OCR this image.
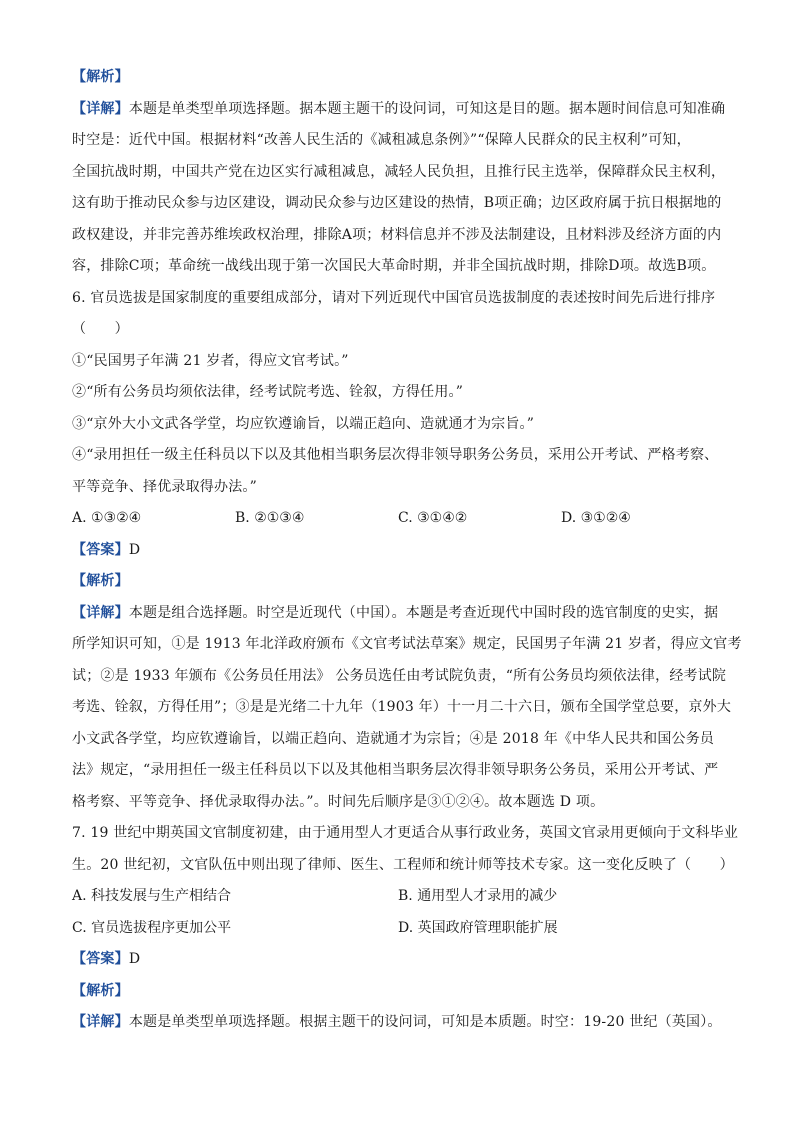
【解析】
【详解】本题是单类型单项选择题。据本题主题干的设问词，可知这是目的题。据本题时间信息可知准确
时空是：近代中国。根据材料“改善人民生活的《减租减息条例》”“保障人民群众的民主权利”可知，
全国抗战时期，中国共产党在边区实行减租减息，减轻人民负担，且推行民主选举，保障群众民主权利，
这有助于推动民众参与边区建设，调动民众参与边区建设的热情，B项正确；边区政府属于抗日根据地的
政权建设，并非完善苏维埃政权治理，排除A项；材料信息并不涉及法制建设，且材料涉及经济方面的内
容，排除C项；革命统一战线出现于第一次国民大革命时期，并非全国抗战时期，排除D项。故选B项。
6. 官员选拔是国家制度的重要组成部分，请对下列近现代中国官员选拔制度的表述按时间先后进行排序
（　　）
①“民国男子年满 21 岁者，得应文官考试。”
②“所有公务员均须依法律，经考试院考选、铨叙，方得任用。”
③“京外大小文武各学堂，均应钦遵谕旨，以端正趋向、造就通才为宗旨。”
④“录用担任一级主任科员以下以及其他相当职务层次得非领导职务公务员，采用公开考试、严格考察、
平等竞争、择优录取得办法。”
A. ①③②④	B. ②①③④	C. ③①④②	D. ③①②④
【答案】D
【解析】
【详解】本题是组合选择题。时空是近现代（中国）。本题是考查近现代中国时段的选官制度的史实，据
所学知识可知，①是 1913 年北洋政府颁布《文官考试法草案》规定，民国男子年满 21 岁者，得应文官考
试；②是 1933 年颁布《公务员任用法》 公务员选任由考试院负责，“所有公务员均须依法律，经考试院
考选、铨叙，方得任用”；③是是光绪二十九年（1903 年）十一月二十六日，颁布全国学堂总要，京外大
小文武各学堂，均应钦遵谕旨，以端正趋向、造就通才为宗旨；④是 2018 年《中华人民共和国公务员
法》规定，“录用担任一级主任科员以下以及其他相当职务层次得非领导职务公务员，采用公开考试、严
格考察、平等竞争、择优录取得办法。”。时间先后顺序是③①②④。故本题选 D 项。
7. 19 世纪中期英国文官制度初建，由于通用型人才更适合从事行政业务，英国文官录用更倾向于文科毕业
生。20 世纪初，文官队伍中则出现了律师、医生、工程师和统计师等技术专家。这一变化反映了（　　）
A. 科技发展与生产相结合	B. 通用型人才录用的减少
C. 官员选拔程序更加公平	D. 英国政府管理职能扩展
【答案】D
【解析】
【详解】本题是单类型单项选择题。根据主题干的设问词，可知是本质题。时空：19-20 世纪（英国）。
